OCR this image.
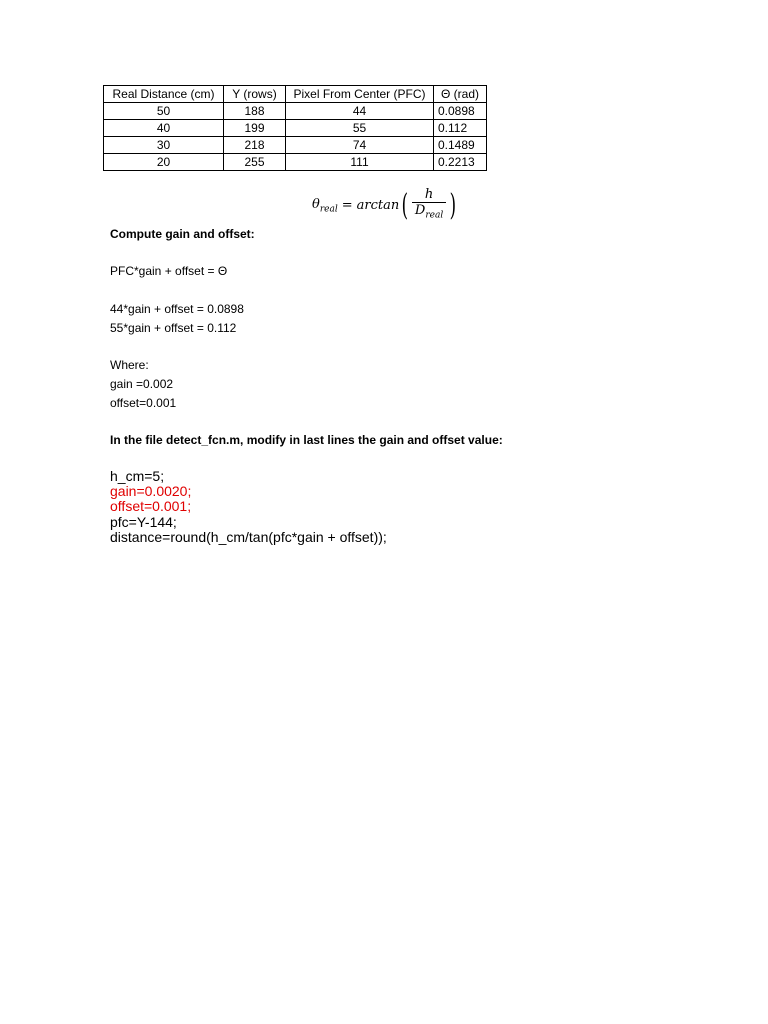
Real Distance (cm)	Y (rows)	Pixel From Center (PFC)	Θ (rad)
50	188	44	0.0898
40	199	55	0.112
30	218	74	0.1489
20	255	111	0.2213
$\theta_{real} = \arctan$ ( $\frac{h}{D_{real}}$ )
Compute gain and offset:
PFC*gain + offset = Θ
44*gain + offset = 0.0898
55*gain + offset = 0.112
Where:
gain =0.002
offset=0.001
In the file detect_fcn.m, modify in last lines the gain and offset value:
h_cm=5;
gain=0.0020;
offset=0.001;
pfc=Y-144;
distance=round(h_cm/tan(pfc*gain + offset));
